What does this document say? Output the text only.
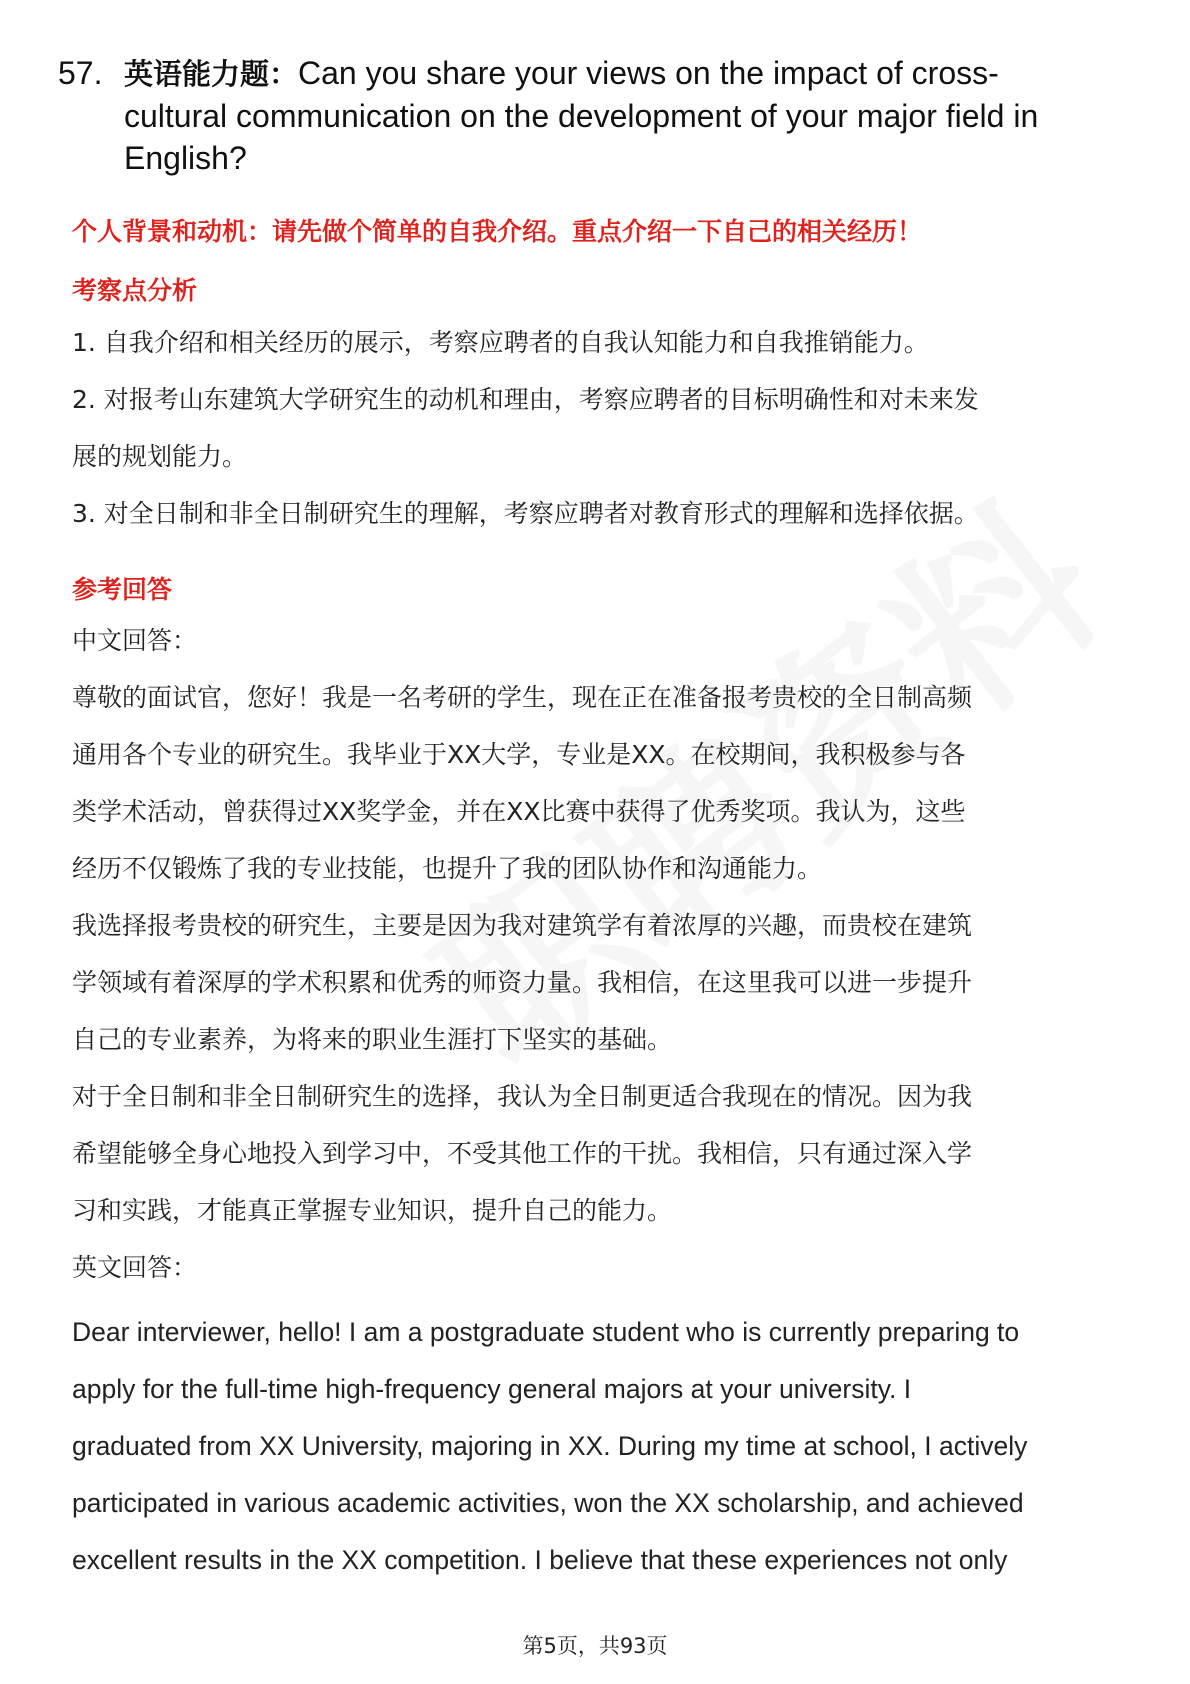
57. 英语能力题：Can you share your views on the impact of cross-
cultural communication on the development of your major field in
English?
个人背景和动机：请先做个简单的自我介绍。重点介绍一下自己的相关经历！
考察点分析
1. 自我介绍和相关经历的展示，考察应聘者的自我认知能力和自我推销能力。
2. 对报考山东建筑大学研究生的动机和理由，考察应聘者的目标明确性和对未来发
展的规划能力。
3. 对全日制和非全日制研究生的理解，考察应聘者对教育形式的理解和选择依据。
参考回答
中文回答：
尊敬的面试官，您好！我是一名考研的学生，现在正在准备报考贵校的全日制高频
通用各个专业的研究生。我毕业于XX大学，专业是XX。在校期间，我积极参与各
类学术活动，曾获得过XX奖学金，并在XX比赛中获得了优秀奖项。我认为，这些
经历不仅锻炼了我的专业技能，也提升了我的团队协作和沟通能力。
我选择报考贵校的研究生，主要是因为我对建筑学有着浓厚的兴趣，而贵校在建筑
学领域有着深厚的学术积累和优秀的师资力量。我相信，在这里我可以进一步提升
自己的专业素养，为将来的职业生涯打下坚实的基础。
对于全日制和非全日制研究生的选择，我认为全日制更适合我现在的情况。因为我
希望能够全身心地投入到学习中，不受其他工作的干扰。我相信，只有通过深入学
习和实践，才能真正掌握专业知识，提升自己的能力。
英文回答：
Dear interviewer, hello! I am a postgraduate student who is currently preparing to
apply for the full-time high-frequency general majors at your university. I
graduated from XX University, majoring in XX. During my time at school, I actively
participated in various academic activities, won the XX scholarship, and achieved
excellent results in the XX competition. I believe that these experiences not only
第5页，共93页
